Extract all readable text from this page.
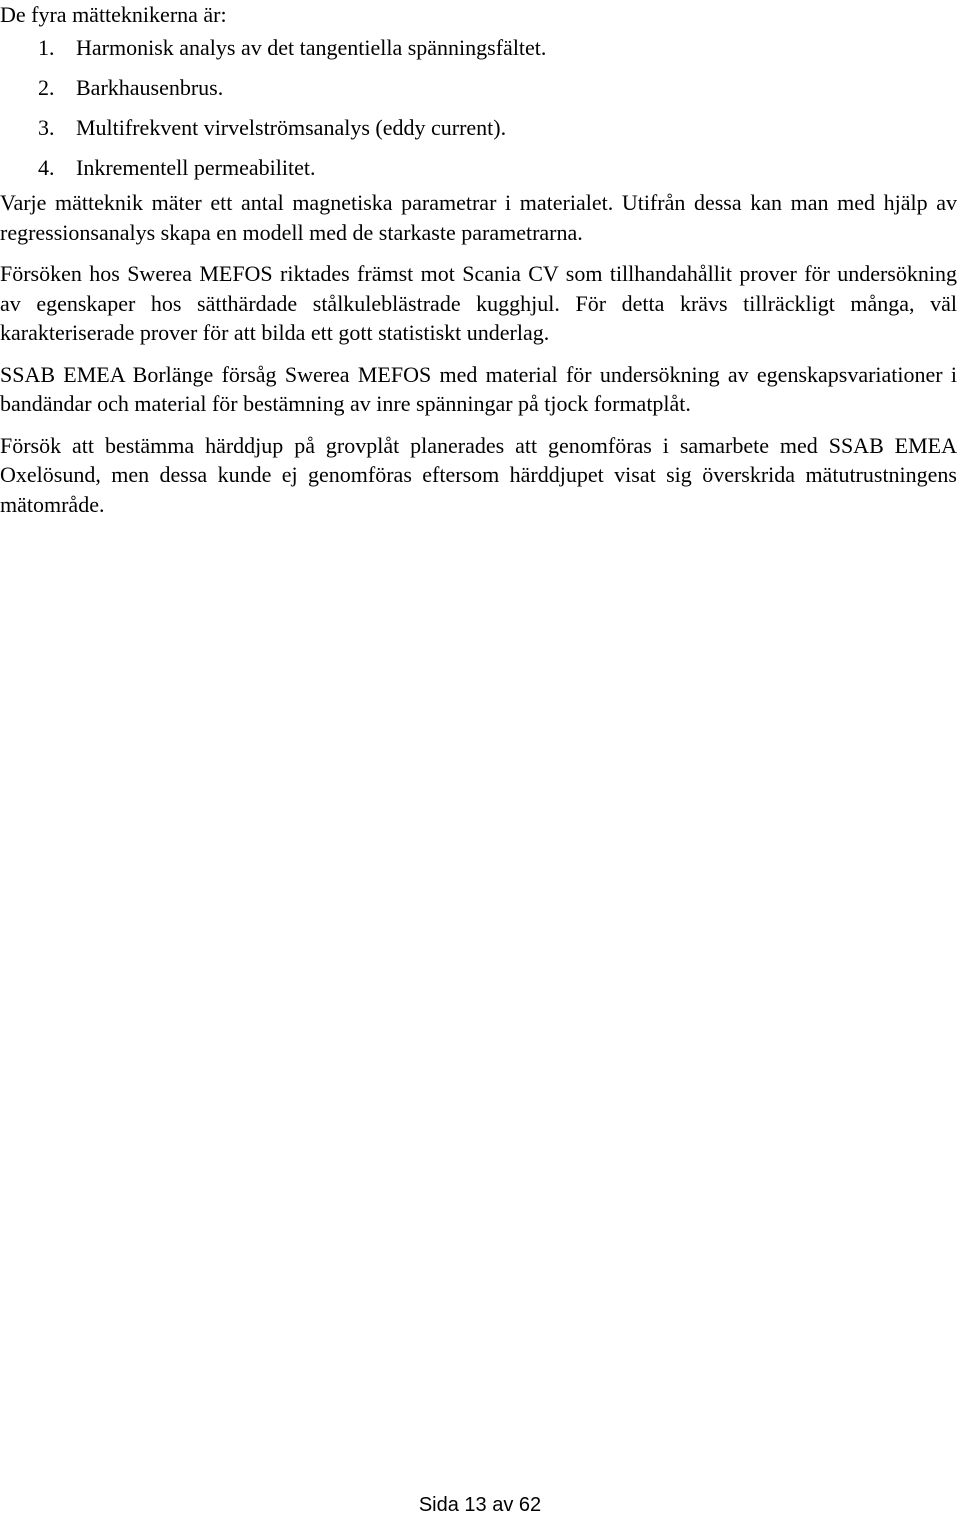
De fyra mätteknikerna är:

1. Harmonisk analys av det tangentiella spänningsfältet.
2. Barkhausenbrus.
3. Multifrekvent virvelströmsanalys (eddy current).
4. Inkrementell permeabilitet.

Varje mätteknik mäter ett antal magnetiska parametrar i materialet. Utifrån dessa kan man med hjälp av regressionsanalys skapa en modell med de starkaste parametrarna.

Försöken hos Swerea MEFOS riktades främst mot Scania CV som tillhandahållit prover för undersökning av egenskaper hos sätthärdade stålkuleblästrade kugghjul. För detta krävs tillräckligt många, väl karakteriserade prover för att bilda ett gott statistiskt underlag.

SSAB EMEA Borlänge försåg Swerea MEFOS med material för undersökning av egenskapsvariationer i bandändar och material för bestämning av inre spänningar på tjock formatplåt.

Försök att bestämma härddjup på grovplåt planerades att genomföras i samarbete med SSAB EMEA Oxelösund, men dessa kunde ej genomföras eftersom härddjupet visat sig överskrida mätutrustningens mätområde.

Sida 13 av 62
